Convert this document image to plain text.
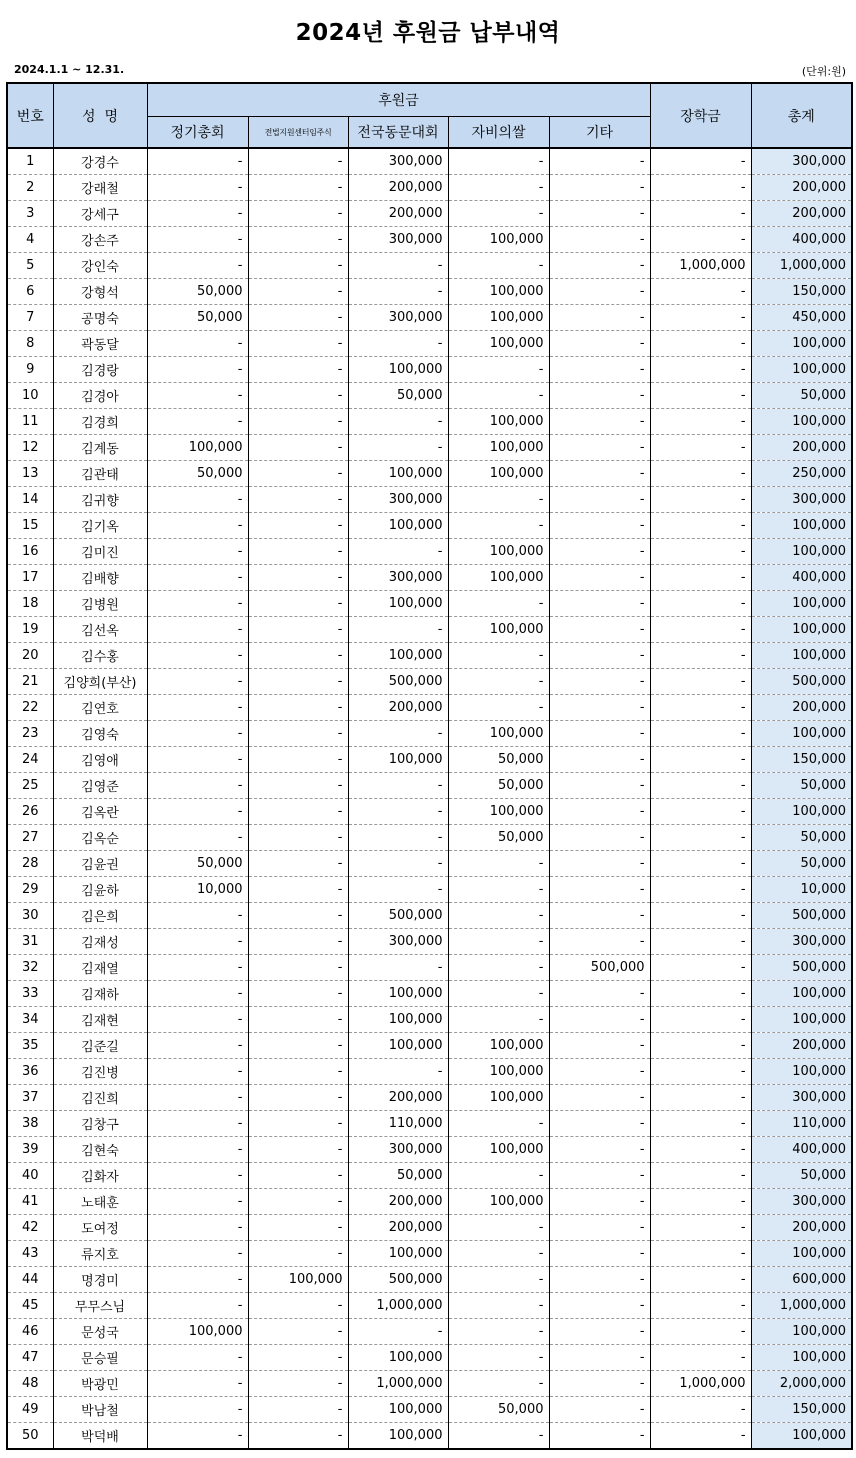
2024년 후원금 납부내역
2024.1.1 ~ 12.31.	(단위:원)
번호	성  명	후원금					장학금	총계
		정기총회	전법지원센터임주식	전국동문대회	자비의쌀	기타		
1	강경수	-	-	300,000	-	-	-	300,000
2	강래철	-	-	200,000	-	-	-	200,000
3	강세구	-	-	200,000	-	-	-	200,000
4	강손주	-	-	300,000	100,000	-	-	400,000
5	강인숙	-	-	-	-	-	1,000,000	1,000,000
6	강형석	50,000	-	-	100,000	-	-	150,000
7	공명숙	50,000	-	300,000	100,000	-	-	450,000
8	곽동달	-	-	-	100,000	-	-	100,000
9	김경랑	-	-	100,000	-	-	-	100,000
10	김경아	-	-	50,000	-	-	-	50,000
11	김경희	-	-	-	100,000	-	-	100,000
12	김계동	100,000	-	-	100,000	-	-	200,000
13	김관태	50,000	-	100,000	100,000	-	-	250,000
14	김귀향	-	-	300,000	-	-	-	300,000
15	김기옥	-	-	100,000	-	-	-	100,000
16	김미진	-	-	-	100,000	-	-	100,000
17	김배향	-	-	300,000	100,000	-	-	400,000
18	김병원	-	-	100,000	-	-	-	100,000
19	김선옥	-	-	-	100,000	-	-	100,000
20	김수홍	-	-	100,000	-	-	-	100,000
21	김양희(부산)	-	-	500,000	-	-	-	500,000
22	김연호	-	-	200,000	-	-	-	200,000
23	김영숙	-	-	-	100,000	-	-	100,000
24	김영애	-	-	100,000	50,000	-	-	150,000
25	김영준	-	-	-	50,000	-	-	50,000
26	김옥란	-	-	-	100,000	-	-	100,000
27	김옥순	-	-	-	50,000	-	-	50,000
28	김윤권	50,000	-	-	-	-	-	50,000
29	김윤하	10,000	-	-	-	-	-	10,000
30	김은희	-	-	500,000	-	-	-	500,000
31	김재성	-	-	300,000	-	-	-	300,000
32	김재열	-	-	-	-	500,000	-	500,000
33	김재하	-	-	100,000	-	-	-	100,000
34	김재현	-	-	100,000	-	-	-	100,000
35	김준길	-	-	100,000	100,000	-	-	200,000
36	김진병	-	-	-	100,000	-	-	100,000
37	김진희	-	-	200,000	100,000	-	-	300,000
38	김창구	-	-	110,000	-	-	-	110,000
39	김현숙	-	-	300,000	100,000	-	-	400,000
40	김화자	-	-	50,000	-	-	-	50,000
41	노태훈	-	-	200,000	100,000	-	-	300,000
42	도여정	-	-	200,000	-	-	-	200,000
43	류지호	-	-	100,000	-	-	-	100,000
44	명경미	-	100,000	500,000	-	-	-	600,000
45	무무스님	-	-	1,000,000	-	-	-	1,000,000
46	문성국	100,000	-	-	-	-	-	100,000
47	문승필	-	-	100,000	-	-	-	100,000
48	박광민	-	-	1,000,000	-	-	1,000,000	2,000,000
49	박남철	-	-	100,000	50,000	-	-	150,000
50	박덕배	-	-	100,000	-	-	-	100,000
